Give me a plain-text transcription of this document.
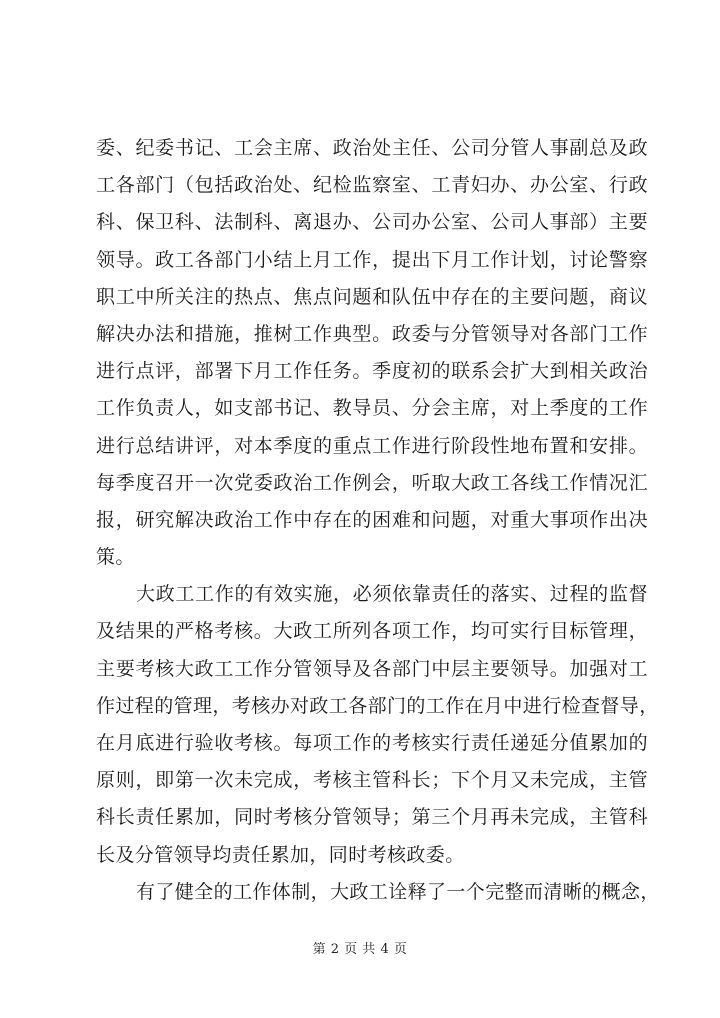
委、纪委书记、工会主席、政治处主任、公司分管人事副总及政
工各部门（包括政治处、纪检监察室、工青妇办、办公室、行政
科、保卫科、法制科、离退办、公司办公室、公司人事部）主要
领导。政工各部门小结上月工作，提出下月工作计划，讨论警察
职工中所关注的热点、焦点问题和队伍中存在的主要问题，商议
解决办法和措施，推树工作典型。政委与分管领导对各部门工作
进行点评，部署下月工作任务。季度初的联系会扩大到相关政治
工作负责人，如支部书记、教导员、分会主席，对上季度的工作
进行总结讲评，对本季度的重点工作进行阶段性地布置和安排。
每季度召开一次党委政治工作例会，听取大政工各线工作情况汇
报，研究解决政治工作中存在的困难和问题，对重大事项作出决
策。
大政工工作的有效实施，必须依靠责任的落实、过程的监督
及结果的严格考核。大政工所列各项工作，均可实行目标管理，
主要考核大政工工作分管领导及各部门中层主要领导。加强对工
作过程的管理，考核办对政工各部门的工作在月中进行检查督导，
在月底进行验收考核。每项工作的考核实行责任递延分值累加的
原则，即第一次未完成，考核主管科长；下个月又未完成，主管
科长责任累加，同时考核分管领导；第三个月再未完成，主管科
长及分管领导均责任累加，同时考核政委。
有了健全的工作体制，大政工诠释了一个完整而清晰的概念，
第 2 页 共 4 页
